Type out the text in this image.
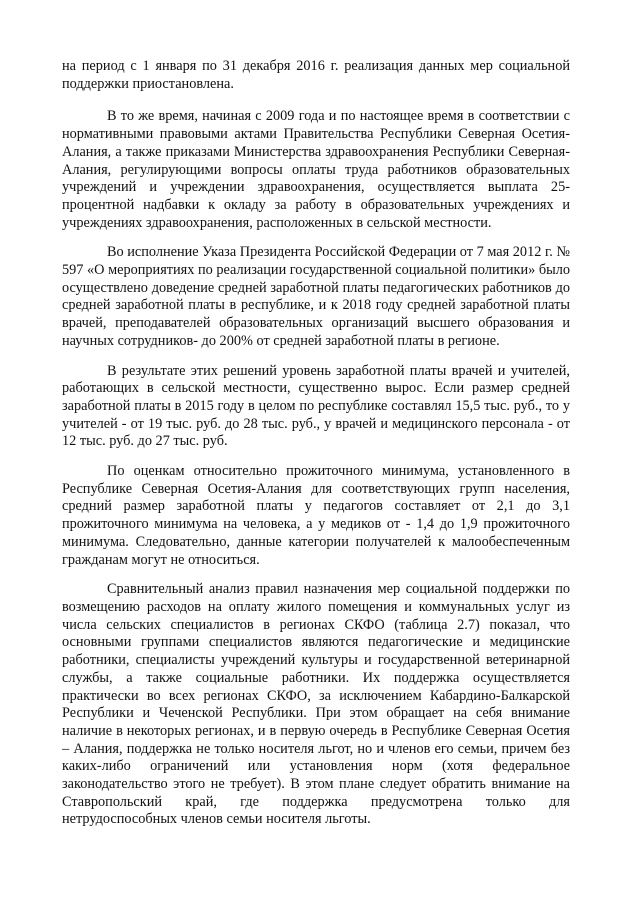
на период с 1 января по 31 декабря 2016 г. реализация данных мер социальной поддержки приостановлена.

В то же время, начиная с 2009 года и по настоящее время в соответствии с нормативными правовыми актами Правительства Республики Северная Осетия-Алания, а также приказами Министерства здравоохранения Республики Северная-Алания, регулирующими вопросы оплаты труда работников образовательных учреждений и учреждении здравоохранения, осуществляется выплата 25-процентной надбавки к окладу за работу в образовательных учреждениях и учреждениях здравоохранения, расположенных в сельской местности.

Во исполнение Указа Президента Российской Федерации от 7 мая 2012 г. № 597 «О мероприятиях по реализации государственной социальной политики» было осуществлено доведение средней заработной платы педагогических работников до средней заработной платы в республике, и к 2018 году средней заработной платы врачей, преподавателей образовательных организаций высшего образования и научных сотрудников- до 200% от средней заработной платы в регионе.

В результате этих решений уровень заработной платы врачей и учителей, работающих в сельской местности, существенно вырос. Если размер средней заработной платы в 2015 году в целом по республике составлял 15,5 тыс. руб., то у учителей - от 19 тыс. руб. до 28 тыс. руб., у врачей и медицинского персонала - от 12 тыс. руб. до 27 тыс. руб.

По оценкам относительно прожиточного минимума, установленного в Республике Северная Осетия-Алания для соответствующих групп населения, средний размер заработной платы у педагогов составляет от 2,1 до 3,1 прожиточного минимума на человека, а у медиков от - 1,4 до 1,9 прожиточного минимума. Следовательно, данные категории получателей к малообеспеченным гражданам могут не относиться.

Сравнительный анализ правил назначения мер социальной поддержки по возмещению расходов на оплату жилого помещения и коммунальных услуг из числа сельских специалистов в регионах СКФО (таблица 2.7) показал, что основными группами специалистов являются педагогические и медицинские работники, специалисты учреждений культуры и государственной ветеринарной службы, а также социальные работники. Их поддержка осуществляется практически во всех регионах СКФО, за исключением Кабардино-Балкарской Республики и Чеченской Республики. При этом обращает на себя внимание наличие в некоторых регионах, и в первую очередь в Республике Северная Осетия – Алания, поддержка не только носителя льгот, но и членов его семьи, причем без каких-либо ограничений или установления норм (хотя федеральное законодательство этого не требует). В этом плане следует обратить внимание на Ставропольский край, где поддержка предусмотрена только для нетрудоспособных членов семьи носителя льготы.
